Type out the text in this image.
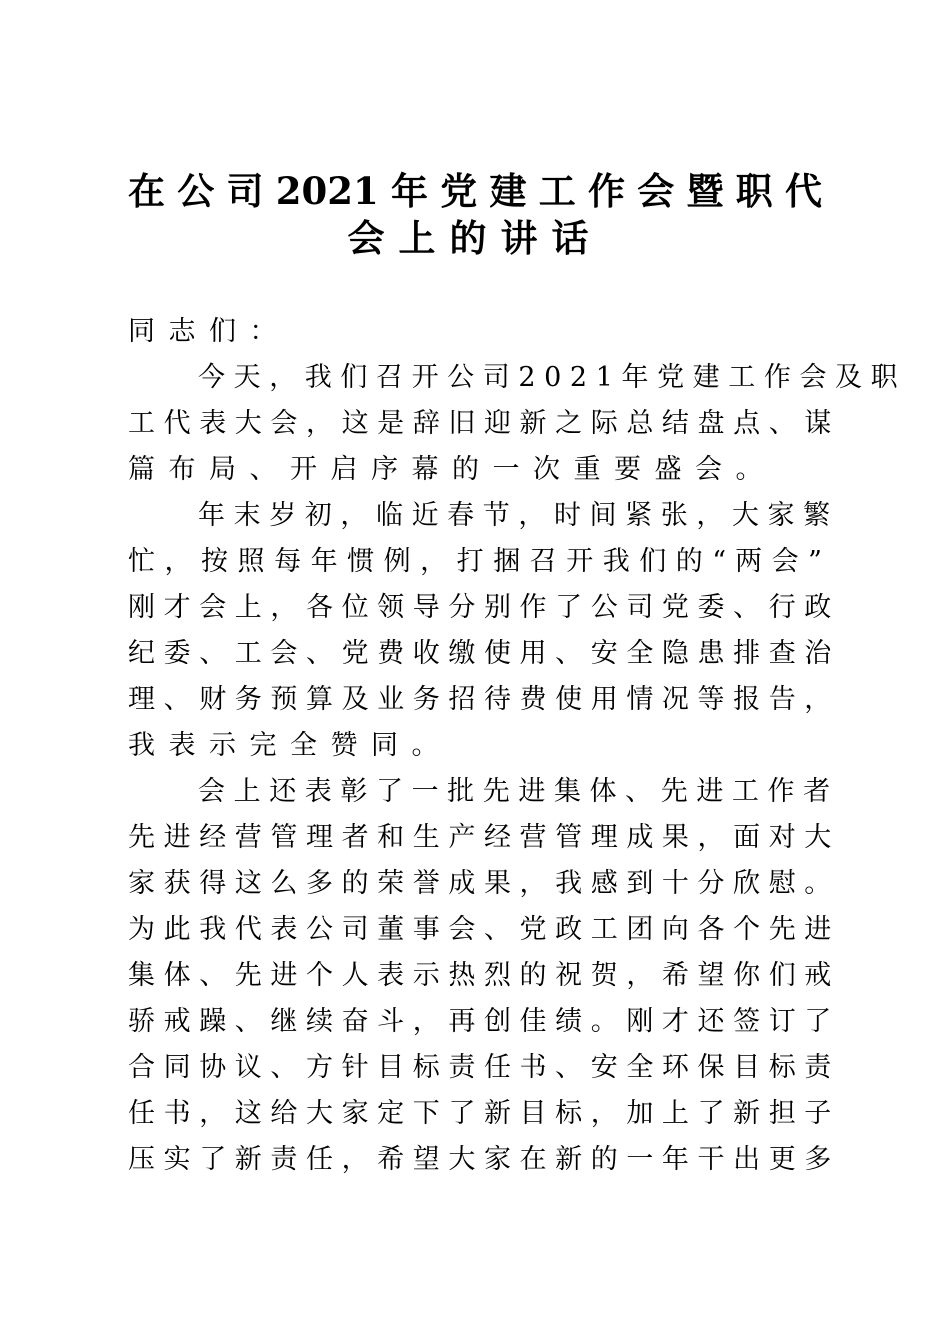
在公司2021年党建工作会暨职代
会上的讲话
同志们：
今 天 ， 我 们 召 开 公 司 2 0 2 1 年 党 建 工 作 会 及 职
工 代 表 大 会 ， 这 是 辞 旧 迎 新 之 际 总 结 盘 点 、 谋
篇布局、开启序幕的一次重要盛会。
年 末 岁 初 ， 临 近 春 节 ， 时 间 紧 张 ， 大 家 繁
忙 ， 按 照 每 年 惯 例 ， 打 捆 召 开 我 们 的 “ 两 会 ”
刚 才 会 上 ， 各 位 领 导 分 别 作 了 公 司 党 委 、 行 政
纪 委 、 工 会 、 党 费 收 缴 使 用 、 安 全 隐 患 排 查 治
理 、 财 务 预 算 及 业 务 招 待 费 使 用 情 况 等 报 告 ，
我表示完全赞同。
会 上 还 表 彰 了 一 批 先 进 集 体 、 先 进 工 作 者
先 进 经 营 管 理 者 和 生 产 经 营 管 理 成 果 ， 面 对 大
家 获 得 这 么 多 的 荣 誉 成 果 ， 我 感 到 十 分 欣 慰 。
为 此 我 代 表 公 司 董 事 会 、 党 政 工 团 向 各 个 先 进
集 体 、 先 进 个 人 表 示 热 烈 的 祝 贺 ， 希 望 你 们 戒
骄 戒 躁 、 继 续 奋 斗 ， 再 创 佳 绩 。 刚 才 还 签 订 了
合 同 协 议 、 方 针 目 标 责 任 书 、 安 全 环 保 目 标 责
任 书 ， 这 给 大 家 定 下 了 新 目 标 ， 加 上 了 新 担 子
压 实 了 新 责 任 ， 希 望 大 家 在 新 的 一 年 干 出 更 多
